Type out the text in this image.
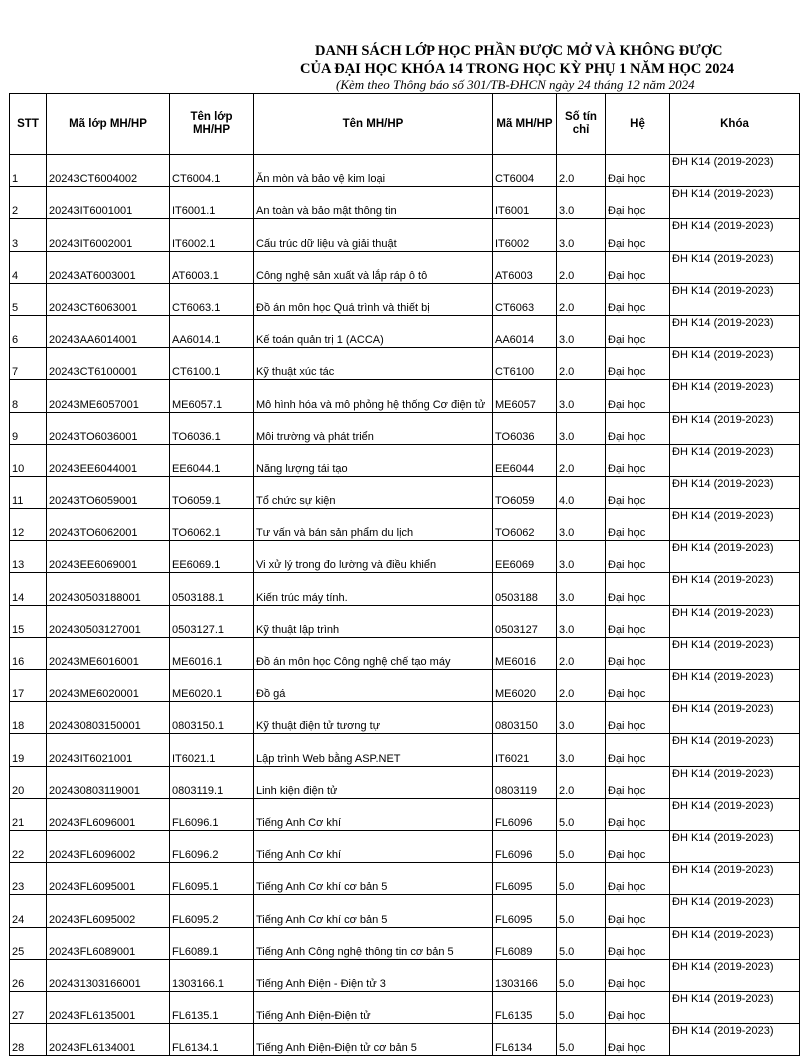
DANH SÁCH LỚP HỌC PHẦN ĐƯỢC MỞ VÀ KHÔNG ĐƯỢC
CỦA ĐẠI HỌC KHÓA 14 TRONG HỌC KỲ PHỤ 1 NĂM HỌC 2024
(Kèm theo Thông báo số 301/TB-ĐHCN ngày 24 tháng 12 năm 2024
STT	Mã lớp MH/HP	Tên lớp MH/HP	Tên MH/HP	Mã MH/HP	Số tín chỉ	Hệ	Khóa
1	20243CT6004002	CT6004.1	Ăn mòn và bảo vệ kim loại	CT6004	2.0	Đại học	ĐH K14 (2019-2023)
2	20243IT6001001	IT6001.1	An toàn và bảo mật thông tin	IT6001	3.0	Đại học	ĐH K14 (2019-2023)
3	20243IT6002001	IT6002.1	Cấu trúc dữ liệu và giải thuật	IT6002	3.0	Đại học	ĐH K14 (2019-2023)
4	20243AT6003001	AT6003.1	Công nghệ sản xuất và lắp ráp ô tô	AT6003	2.0	Đại học	ĐH K14 (2019-2023)
5	20243CT6063001	CT6063.1	Đồ án môn học Quá trình và thiết bị	CT6063	2.0	Đại học	ĐH K14 (2019-2023)
6	20243AA6014001	AA6014.1	Kế toán quản trị 1 (ACCA)	AA6014	3.0	Đại học	ĐH K14 (2019-2023)
7	20243CT6100001	CT6100.1	Kỹ thuật xúc tác	CT6100	2.0	Đại học	ĐH K14 (2019-2023)
8	20243ME6057001	ME6057.1	Mô hình hóa và mô phỏng hệ thống Cơ điện tử	ME6057	3.0	Đại học	ĐH K14 (2019-2023)
9	20243TO6036001	TO6036.1	Môi trường và phát triển	TO6036	3.0	Đại học	ĐH K14 (2019-2023)
10	20243EE6044001	EE6044.1	Năng lượng tái tạo	EE6044	2.0	Đại học	ĐH K14 (2019-2023)
11	20243TO6059001	TO6059.1	Tổ chức sự kiện	TO6059	4.0	Đại học	ĐH K14 (2019-2023)
12	20243TO6062001	TO6062.1	Tư vấn và bán sản phẩm du lịch	TO6062	3.0	Đại học	ĐH K14 (2019-2023)
13	20243EE6069001	EE6069.1	Vi xử lý trong đo lường và điều khiển	EE6069	3.0	Đại học	ĐH K14 (2019-2023)
14	202430503188001	0503188.1	Kiến trúc máy tính.	0503188	3.0	Đại học	ĐH K14 (2019-2023)
15	202430503127001	0503127.1	Kỹ thuật lập trình	0503127	3.0	Đại học	ĐH K14 (2019-2023)
16	20243ME6016001	ME6016.1	Đồ án môn học Công nghệ chế tạo máy	ME6016	2.0	Đại học	ĐH K14 (2019-2023)
17	20243ME6020001	ME6020.1	Đồ gá	ME6020	2.0	Đại học	ĐH K14 (2019-2023)
18	202430803150001	0803150.1	Kỹ thuật điện tử tương tự	0803150	3.0	Đại học	ĐH K14 (2019-2023)
19	20243IT6021001	IT6021.1	Lập trình Web bằng ASP.NET	IT6021	3.0	Đại học	ĐH K14 (2019-2023)
20	202430803119001	0803119.1	Linh kiện điện tử	0803119	2.0	Đại học	ĐH K14 (2019-2023)
21	20243FL6096001	FL6096.1	Tiếng Anh Cơ khí	FL6096	5.0	Đại học	ĐH K14 (2019-2023)
22	20243FL6096002	FL6096.2	Tiếng Anh Cơ khí	FL6096	5.0	Đại học	ĐH K14 (2019-2023)
23	20243FL6095001	FL6095.1	Tiếng Anh Cơ khí cơ bản 5	FL6095	5.0	Đại học	ĐH K14 (2019-2023)
24	20243FL6095002	FL6095.2	Tiếng Anh Cơ khí cơ bản 5	FL6095	5.0	Đại học	ĐH K14 (2019-2023)
25	20243FL6089001	FL6089.1	Tiếng Anh Công nghệ thông tin cơ bản 5	FL6089	5.0	Đại học	ĐH K14 (2019-2023)
26	202431303166001	1303166.1	Tiếng Anh Điện - Điện tử 3	1303166	5.0	Đại học	ĐH K14 (2019-2023)
27	20243FL6135001	FL6135.1	Tiếng Anh Điện-Điện tử	FL6135	5.0	Đại học	ĐH K14 (2019-2023)
28	20243FL6134001	FL6134.1	Tiếng Anh Điện-Điện tử cơ bản 5	FL6134	5.0	Đại học	ĐH K14 (2019-2023)
